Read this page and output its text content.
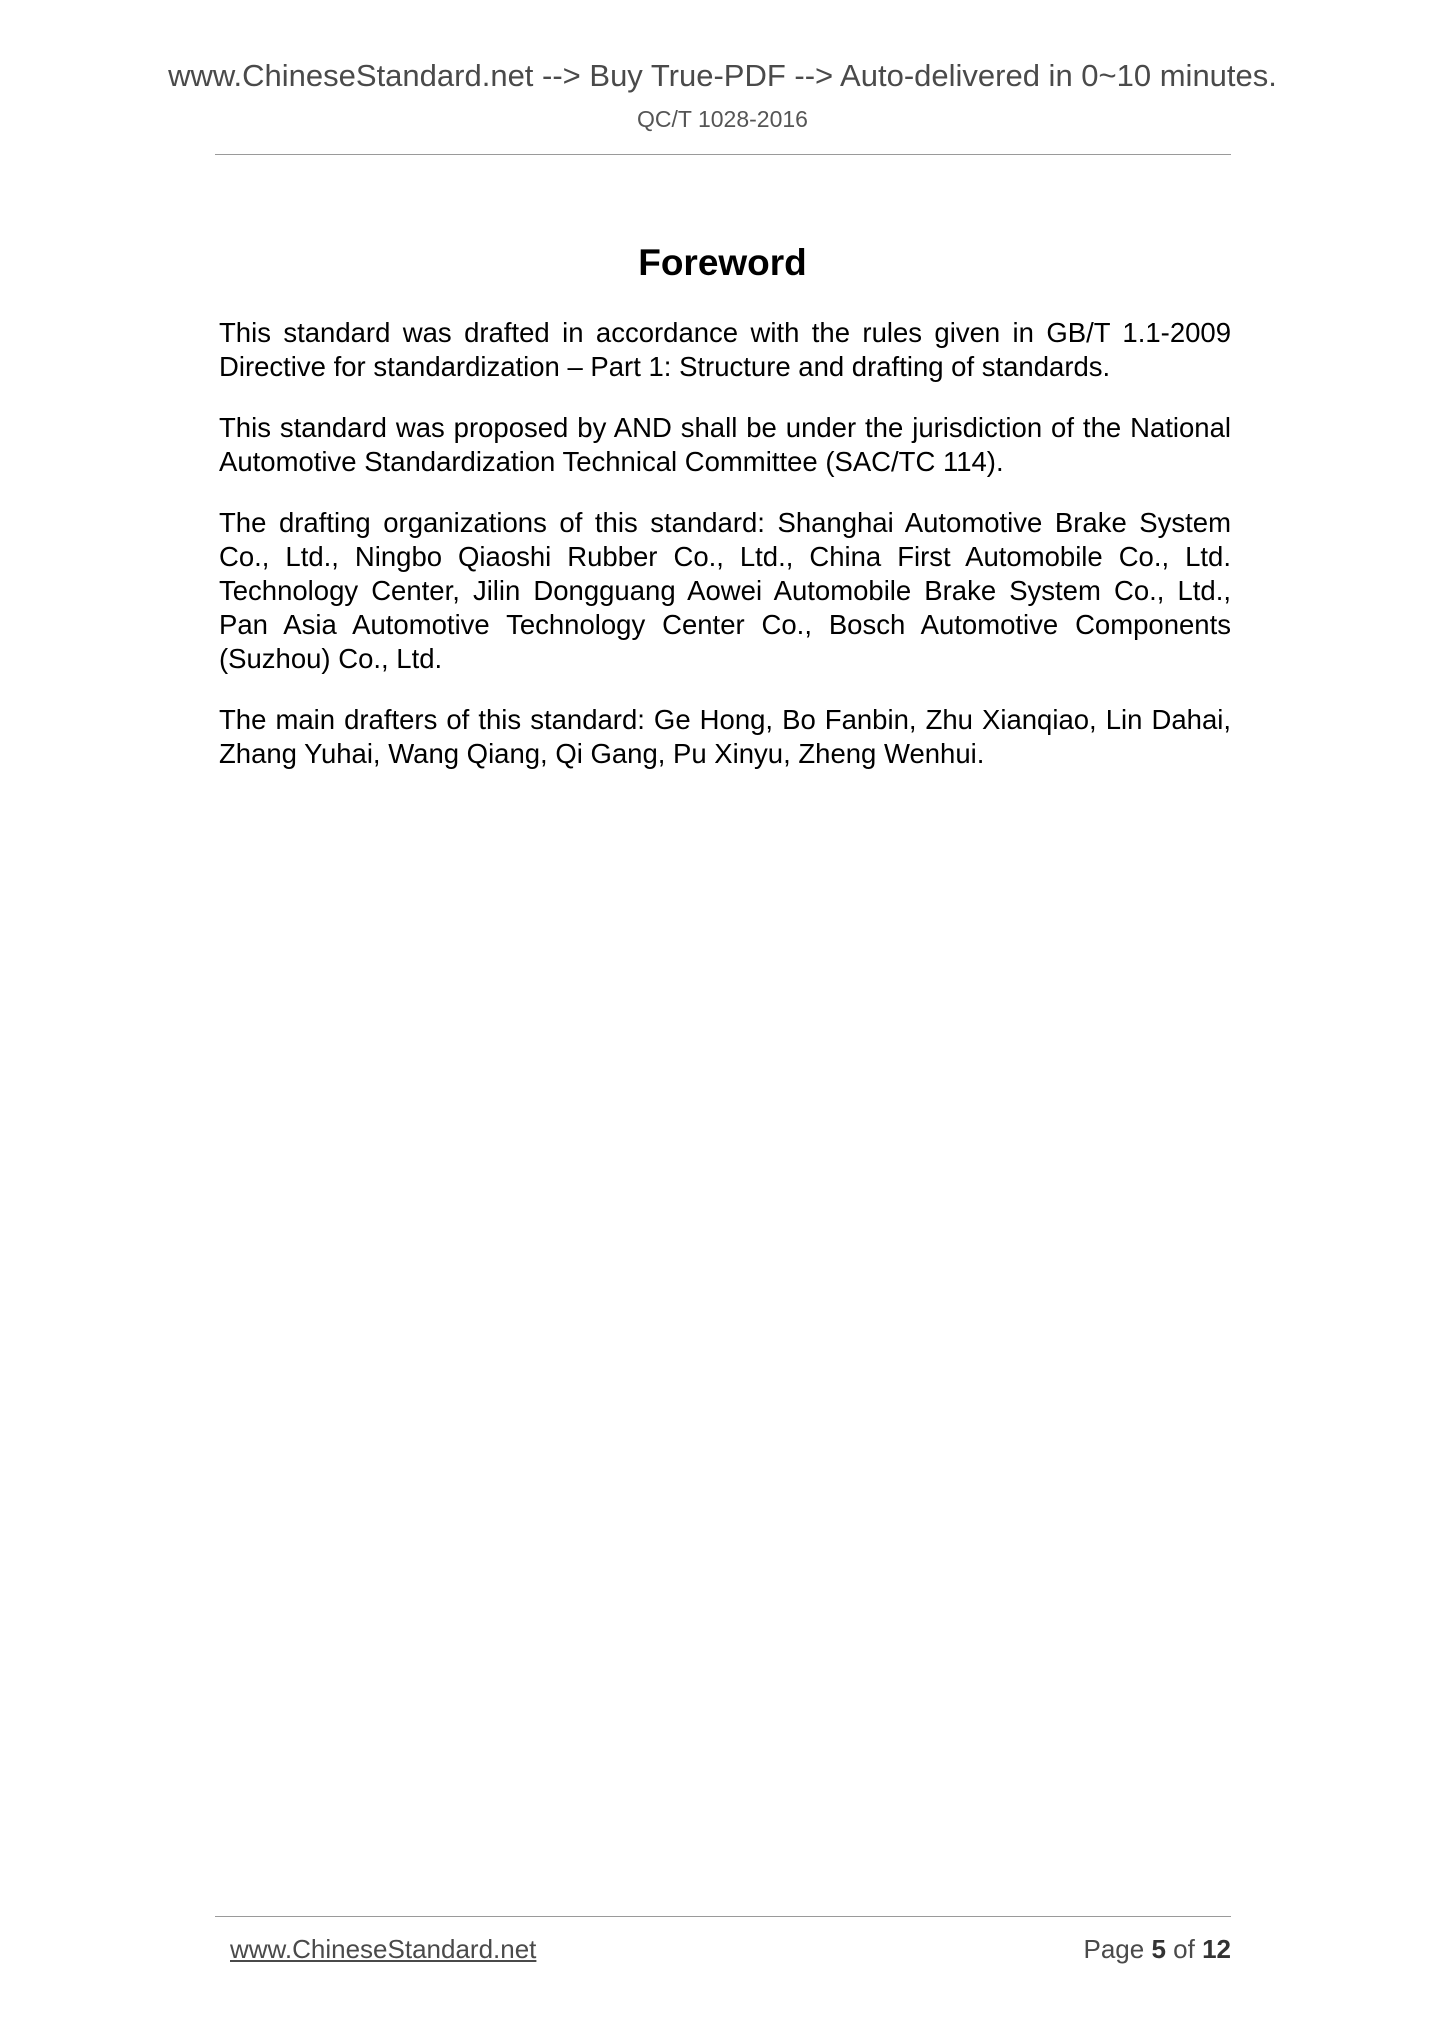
www.ChineseStandard.net --> Buy True-PDF --> Auto-delivered in 0~10 minutes.
QC/T 1028-2016
Foreword

This standard was drafted in accordance with the rules given in GB/T 1.1-2009 Directive for standardization – Part 1: Structure and drafting of standards.

This standard was proposed by AND shall be under the jurisdiction of the National Automotive Standardization Technical Committee (SAC/TC 114).

The drafting organizations of this standard: Shanghai Automotive Brake System Co., Ltd., Ningbo Qiaoshi Rubber Co., Ltd., China First Automobile Co., Ltd. Technology Center, Jilin Dongguang Aowei Automobile Brake System Co., Ltd., Pan Asia Automotive Technology Center Co., Bosch Automotive Components (Suzhou) Co., Ltd.

The main drafters of this standard: Ge Hong, Bo Fanbin, Zhu Xianqiao, Lin Dahai, Zhang Yuhai, Wang Qiang, Qi Gang, Pu Xinyu, Zheng Wenhui.

www.ChineseStandard.net	Page 5 of 12
